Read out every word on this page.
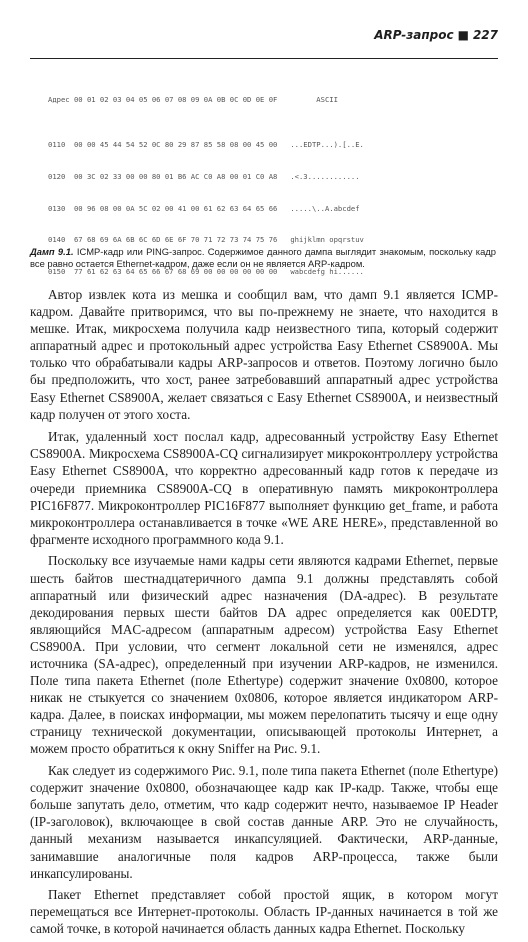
ARP-запрос ■ 227

Адрес 00 01 02 03 04 05 06 07 08 09 0A 0B 0C 0D 0E 0F         ASCII

0110  00 00 45 44 54 52 0C 80 29 87 85 58 08 00 45 00   ...EDTP...).[..E.

0120  00 3C 02 33 00 00 80 01 B6 AC C0 A8 00 01 C0 A8   .<.3............

0130  00 96 08 00 0A 5C 02 00 41 00 61 62 63 64 65 66   .....\..A.abcdef

0140  67 68 69 6A 6B 6C 6D 6E 6F 70 71 72 73 74 75 76   ghijklmn opqrstuv

0150  77 61 62 63 64 65 66 67 68 69 00 00 00 00 00 00   wabcdefg hi......

Дамп 9.1. ICMP-кадр или PING-запрос. Содержимое данного дампа выглядит знакомым, поскольку кадр все равно остается Ethernet-кадром, даже если он не является ARP-кадром.

Автор извлек кота из мешка и сообщил вам, что дамп 9.1 является ICMP-кадром. Давайте притворимся, что вы по-прежнему не знаете, что находится в мешке. Итак, микросхема получила кадр неизвестного типа, который содержит аппаратный адрес и протокольный адрес устройства Easy Ethernet CS8900A. Мы только что обрабатывали кадры ARP-запросов и ответов. Поэтому логично было бы предположить, что хост, ранее затребовавший аппаратный адрес устройства Easy Ethernet CS8900A, желает связаться с Easy Ethernet CS8900A, и неизвестный кадр получен от этого хоста.

Итак, удаленный хост послал кадр, адресованный устройству Easy Ethernet CS8900A. Микросхема CS8900A-CQ сигнализирует микроконтроллеру устройства Easy Ethernet CS8900A, что корректно адресованный кадр готов к передаче из очереди приемника CS8900A-CQ в оперативную память микроконтроллера PIC16F877. Микроконтроллер PIC16F877 выполняет функцию get_frame, и работа микроконтроллера останавливается в точке «WE ARE HERE», представленной во фрагменте исходного программного кода 9.1.

Поскольку все изучаемые нами кадры сети являются кадрами Ethernet, первые шесть байтов шестнадцатеричного дампа 9.1 должны представлять собой аппаратный или физический адрес назначения (DA-адрес). В результате декодирования первых шести байтов DA адрес определяется как 00EDTP, являющийся MAC-адресом (аппаратным адресом) устройства Easy Ethernet CS8900A. При условии, что сегмент локальной сети не изменялся, адрес источника (SA-адрес), определенный при изучении ARP-кадров, не изменился. Поле типа пакета Ethernet (поле Ethertype) содержит значение 0x0800, которое никак не стыкуется со значением 0x0806, которое является индикатором ARP-кадра. Далее, в поисках информации, мы можем перелопатить тысячу и еще одну страницу технической документации, описывающей протоколы Интернет, а можем просто обратиться к окну Sniffer на Рис. 9.1.

Как следует из содержимого Рис. 9.1, поле типа пакета Ethernet (поле Ethertype) содержит значение 0x0800, обозначающее кадр как IP-кадр. Также, чтобы еще больше запутать дело, отметим, что кадр содержит нечто, называемое IP Header (IP-заголовок), включающее в свой состав данные ARP. Это не случайность, данный механизм называется инкапсуляцией. Фактически, ARP-данные, занимавшие аналогичные поля кадров ARP-процесса, также были инкапсулированы.

Пакет Ethernet представляет собой простой ящик, в котором могут перемещаться все Интернет-протоколы. Область IP-данных начинается в той же самой точке, в которой начинается область данных кадра Ethernet. Поскольку
